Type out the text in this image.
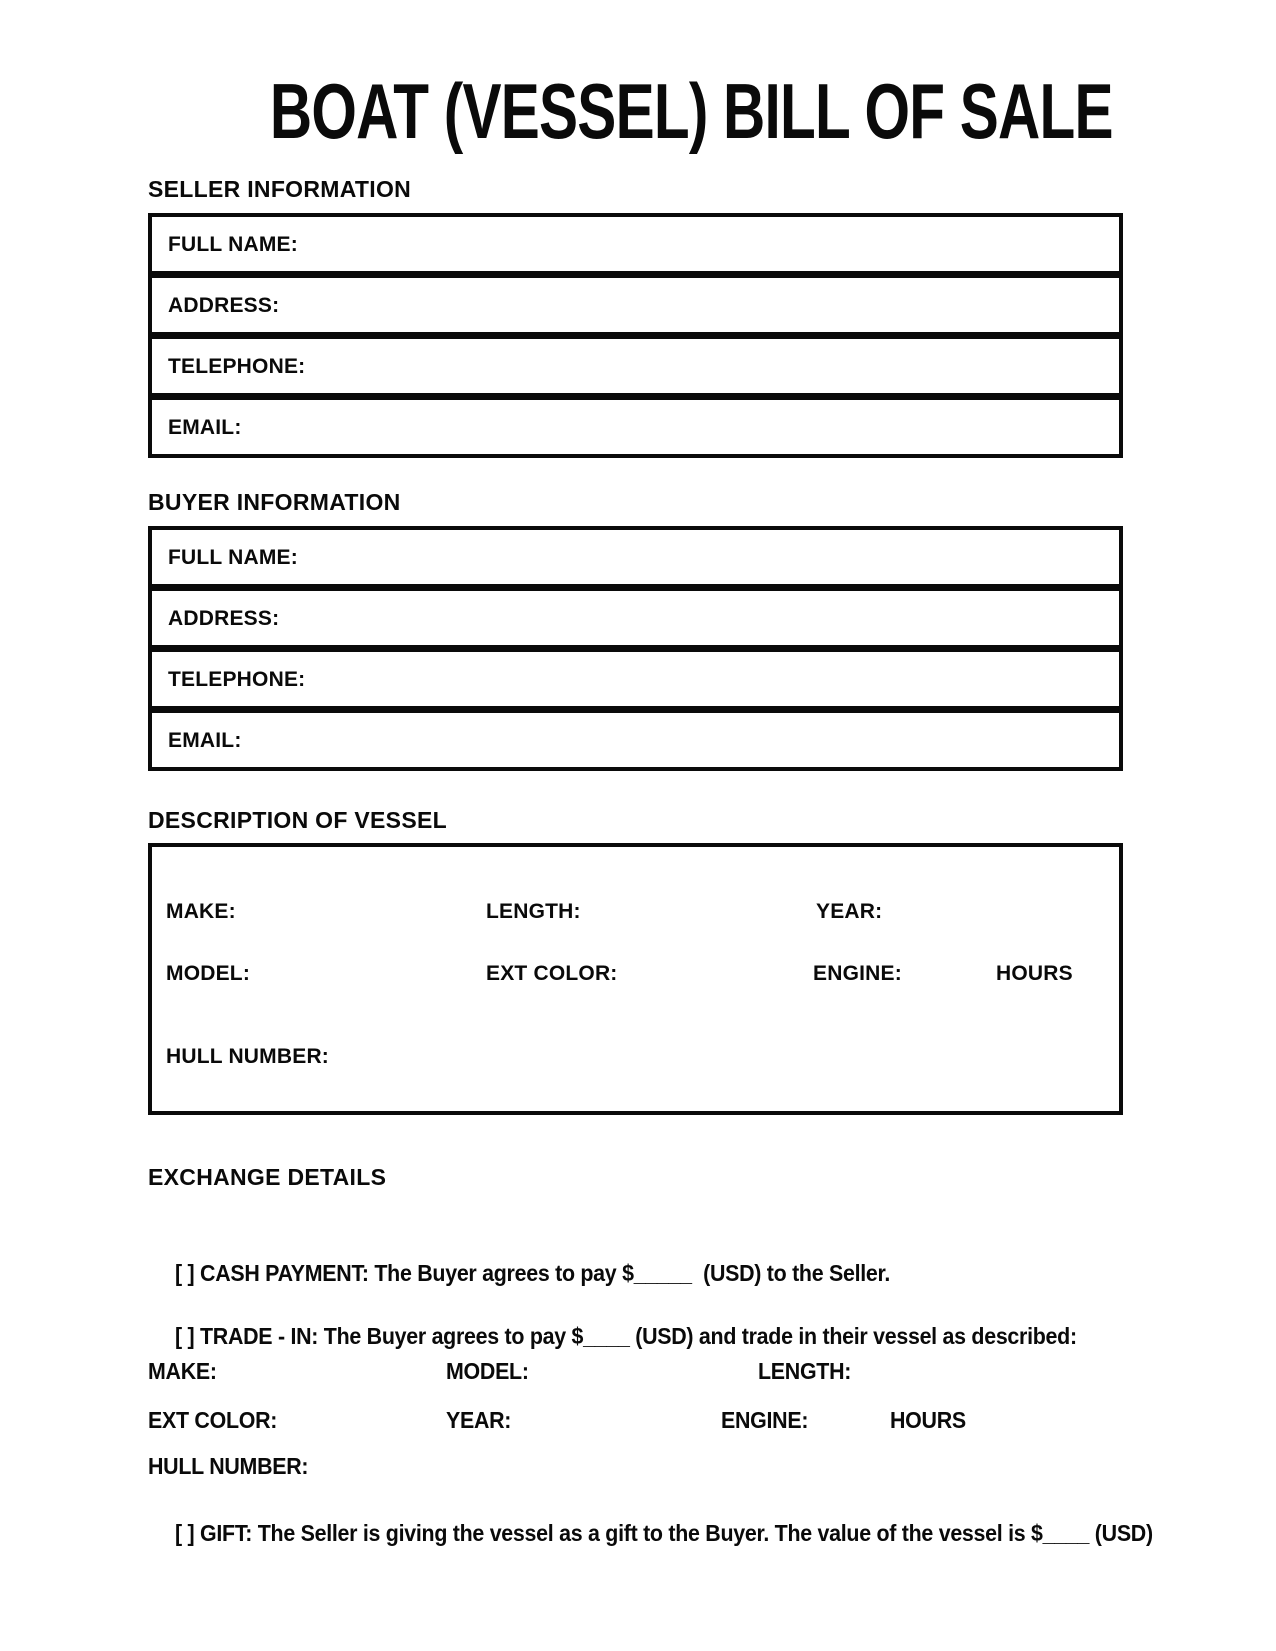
BOAT (VESSEL) BILL OF SALE
SELLER INFORMATION
FULL NAME:
ADDRESS:
TELEPHONE:
EMAIL:
BUYER INFORMATION
FULL NAME:
ADDRESS:
TELEPHONE:
EMAIL:
DESCRIPTION OF VESSEL
MAKE:	LENGTH:	YEAR:
MODEL:	EXT COLOR:	ENGINE:	HOURS
HULL NUMBER:
EXCHANGE DETAILS

[ ] CASH PAYMENT: The Buyer agrees to pay $_____  (USD) to the Seller.

[ ] TRADE - IN: The Buyer agrees to pay $____ (USD) and trade in their vessel as described:

MAKE:	MODEL:	LENGTH:
EXT COLOR:	YEAR:	ENGINE:	HOURS
HULL NUMBER:

[ ] GIFT: The Seller is giving the vessel as a gift to the Buyer. The value of the vessel is $____ (USD)
